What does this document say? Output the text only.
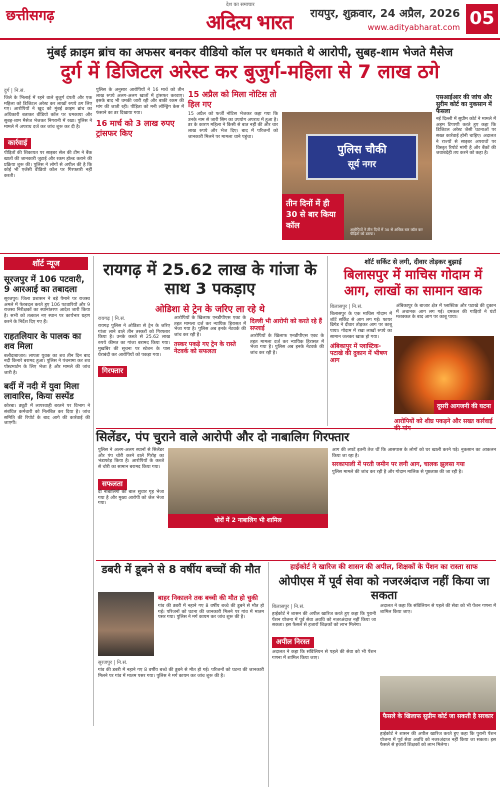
छत्तीसगढ़
देश का समाचार
अदित्य भारत रायपुर, शुक्रवार, 24 अप्रैल, 2026
www.adityabharat.com 05
मुंबई क्राइम ब्रांच का अफसर बनकर वीडियो कॉल पर धमकाते थे आरोपी, सुबह-शाम भेजते मैसेज
दुर्ग में डिजिटल अरेस्ट कर बुजुर्ग-महिला से 7 लाख ठगे
दुर्ग | नि.सं.
जिले के भिलाई में रहने वाले बुजुर्ग दंपती और एक महिला को डिजिटल अरेस्ट कर लाखों रुपये ठग लिए गए। आरोपियों ने खुद को मुंबई क्राइम ब्रांच का अधिकारी बताकर वीडियो कॉल पर धमकाया और सुबह-शाम मैसेज भेजकर निगरानी में रखा। पुलिस ने मामले में अपराध दर्ज कर जांच शुरू कर दी है।
कार्रवाई
पीड़ितों की शिकायत पर साइबर सेल की टीम ने बैंक खातों की जानकारी जुटाई और रकम होल्ड कराने की प्रक्रिया शुरू की। पुलिस ने लोगों से अपील की है कि कोई भी एजेंसी वीडियो कॉल पर गिरफ्तारी नहीं करती।
पुलिस के अनुसार आरोपियों ने 16 मार्च को तीन लाख रुपये अलग-अलग खातों में ट्रांसफर करवाए। इसके बाद भी धमकी जारी रही और बाकी रकम की मांग की जाती रही। पीड़िता को मनी लॉन्ड्रिंग केस में फंसाने का डर दिखाया गया।
16 मार्च को 3 लाख रुपए ट्रांसफर किए
15 अप्रैल को मिला नोटिस तो हिल गए
15 अप्रैल को फर्जी नोटिस भेजकर कहा गया कि उनके नाम से जारी सिम का उपयोग अपराध में हुआ है। डर के कारण महिला ने किसी से बात नहीं की और चार लाख रुपये और भेज दिए। बाद में परिजनों को जानकारी मिलने पर मामला थाने पहुंचा।
पुलिस चौकी
सूर्य नगर
तीन दिनों में ही 30 से बार किया कॉल	आरोपियों ने तीन दिनों में 30 से अधिक बार कॉल कर पीड़ितों को डराया।
एसआईआर की जांच और सुरीम कोर्ट का नुकसान में फैसला
नई दिल्ली में सुप्रीम कोर्ट ने मामले में अहम टिप्पणी करते हुए कहा कि डिजिटल अरेस्ट जैसी घटनाओं पर सख्त कार्रवाई होनी चाहिए। अदालत ने राज्यों से साइबर अपराधों पर विस्तृत रिपोर्ट मांगी है और बैंकों की जवाबदेही तय करने को कहा है।
शॉर्ट न्यूज
सूरजपुर में 106 पटवारी, 9 आरआई का तबादला
सूरजपुर। जिला प्रशासन ने बड़े पैमाने पर राजस्व अमले में फेरबदल करते हुए 106 पटवारियों और 9 राजस्व निरीक्षकों का स्थानांतरण आदेश जारी किया है। सभी को तत्काल नए स्थान पर कार्यभार ग्रहण करने के निर्देश दिए गए हैं।
राहतलियार के पालक का शव मिला
बलौदाबाजार। लापता युवक का शव तीन दिन बाद नदी किनारे बरामद हुआ। पुलिस ने पंचनामा कर शव पोस्टमार्टम के लिए भेजा है और मामले की जांच जारी है।
बर्दी में नदी में युवा मिला लावारिस, किया सस्पेंड
कोरबा। ड्यूटी में लापरवाही बरतने पर विभाग ने संबंधित कर्मचारी को निलंबित कर दिया है। जांच समिति की रिपोर्ट के बाद आगे की कार्रवाई की जाएगी।
रायगढ़ में 25.62 लाख के गांजा के साथ 3 पकड़ाए
ओडिशा से ट्रेन के जरिए ला रहे थे
रायगढ़ | नि.सं.
रायगढ़ पुलिस ने ओडिशा से ट्रेन के जरिए गांजा लाने वाले तीन तस्करों को गिरफ्तार किया है। उनके कब्जे से 25.62 लाख रुपये कीमत का गांजा बरामद किया गया। मुखबिर की सूचना पर स्टेशन के पास घेराबंदी कर आरोपियों को पकड़ा गया।
गिरफ्तार
आरोपियों के खिलाफ एनडीपीएस एक्ट के तहत मामला दर्ज कर न्यायिक हिरासत में भेजा गया है। पुलिस अब इनके नेटवर्क की जांच कर रही है।
तस्कर पकड़े गए ट्रेन के रास्ते नेटवर्क को सफलता
दिल्ली भी आरोपी को करते रहे हैं सप्लाई
आरोपियों के खिलाफ एनडीपीएस एक्ट के तहत मामला दर्ज कर न्यायिक हिरासत में भेजा गया है। पुलिस अब इनके नेटवर्क की जांच कर रही है।
शॉर्ट सर्किट से लगी, दीवार तोड़कर बुझाई
बिलासपुर में माचिस गोदाम में आग, लाखों का सामान खाक
बिलासपुर | नि.सं.
बिलासपुर के एक माचिस गोदाम में शॉर्ट सर्किट से आग लग गई। फायर ब्रिगेड ने दीवार तोड़कर आग पर काबू पाया। गोदाम में रखा लाखों रुपये का सामान जलकर खाक हो गया।
अंबिकापुर में प्लास्टिक-पटाखे की दुकान में भीषण आग
दूसरी आगजनी की घटना
अंबिकापुर के बाजार क्षेत्र में प्लास्टिक और पटाखे की दुकान में अचानक आग लग गई। दमकल की गाड़ियों ने घंटों मशक्कत के बाद आग पर काबू पाया।
आरोपियों को शीघ्र पकड़ने और सख्त कार्रवाई
सिलेंडर, पंप चुराने वाले आरोपी और दो नाबालिग गिरफ्तार
पुलिस ने अलग-अलग स्थानों से सिलेंडर और पंप चोरी करने वाले गिरोह का भंडाफोड़ किया है। आरोपियों के कब्जे से चोरी का सामान बरामद किया गया।
सफलता
दो नाबालिगों को बाल सुधार गृह भेजा गया है और मुख्य आरोपी को जेल भेजा गया।
चोरों में 2 नाबालिग भी शामिल
आग की लपटें इतनी तेज थीं कि आसपास के लोगों को घर खाली करने पड़े। नुकसान का आकलन किया जा रहा है।
सरकापाली में परती जमीन पर लगी आग, चालक झुलसा गया
पुलिस मामले की जांच कर रही है और गोदाम मालिक से पूछताछ की जा रही है।
डबरी में डूबने से 8 वर्षीय बच्चों की मौत
सूरजपुर | नि.सं.
गांव की डबरी में नहाने गए 8 वर्षीय बच्चे की डूबने से मौत हो गई। परिजनों को घटना की जानकारी मिलने पर गांव में मातम पसर गया। पुलिस ने मर्ग कायम कर जांच शुरू की है।
बाहर निकालने तक बच्ची की मौत हो चुकी
गांव की डबरी में नहाने गए 8 वर्षीय बच्चे की डूबने से मौत हो गई। परिजनों को घटना की जानकारी मिलने पर गांव में मातम पसर गया। पुलिस ने मर्ग कायम कर जांच शुरू की है।
हाईकोर्ट ने खारिज की शासन की अपील, शिक्षकों के पेंशन का रास्ता साफ
ओपीएस में पूर्व सेवा को नजरअंदाज नहीं किया जा सकता
बिलासपुर | नि.सं.
हाईकोर्ट ने शासन की अपील खारिज करते हुए कहा कि पुरानी पेंशन योजना में पूर्व सेवा अवधि को नजरअंदाज नहीं किया जा सकता। इस फैसले से हजारों शिक्षकों को लाभ मिलेगा।
अपील निरस्त
अदालत ने कहा कि संविलियन से पहले की सेवा को भी पेंशन गणना में शामिल किया जाए।
अदालत ने कहा कि संविलियन से पहले की सेवा को भी पेंशन गणना में शामिल किया जाए।
फैसले के खिलाफ सुप्रीम कोर्ट जा सकती है सरकार
हाईकोर्ट ने शासन की अपील खारिज करते हुए कहा कि पुरानी पेंशन योजना में पूर्व सेवा अवधि को नजरअंदाज नहीं किया जा सकता। इस फैसले से हजारों शिक्षकों को लाभ मिलेगा।
